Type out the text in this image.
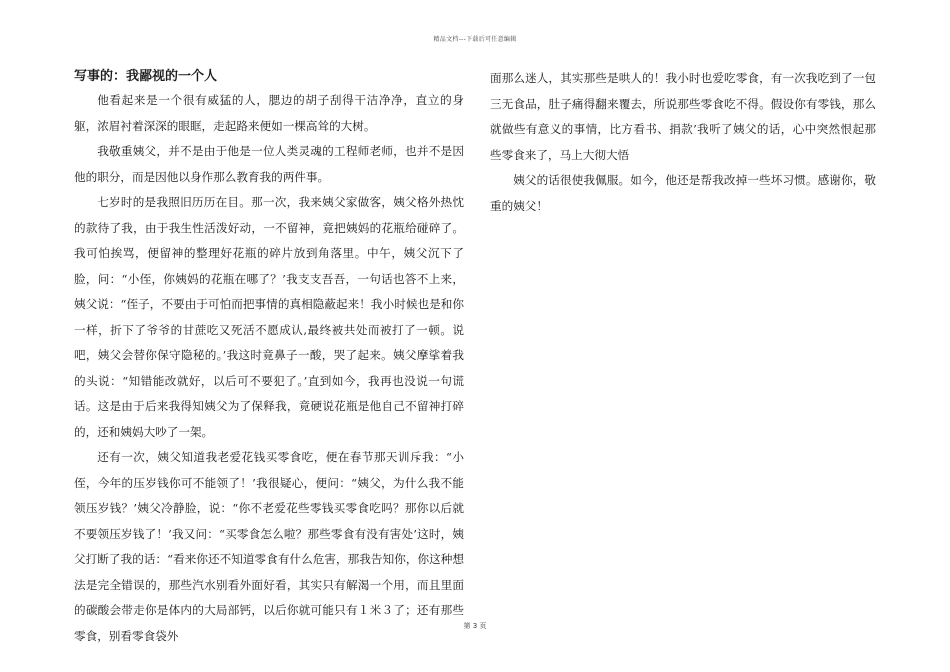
精品文档---下载后可任意编辑
写事的：我鄙视的一个人

他看起来是一个很有威猛的人，腮边的胡子刮得干洁净净，直立的身躯，浓眉衬着深深的眼眶，走起路来便如一棵高耸的大树。

我敬重姨父，并不是由于他是一位人类灵魂的工程师老师，也并不是因他的职分，而是因他以身作那么教育我的两件事。

七岁时的是我照旧历历在目。那一次，我来姨父家做客，姨父格外热忱的款待了我，由于我生性活泼好动，一不留神，竟把姨妈的花瓶给碰碎了。我可怕挨骂，便留神的整理好花瓶的碎片放到角落里。中午，姨父沉下了脸，问：“小侄，你姨妈的花瓶在哪了？’我支支吾吾，一句话也答不上来，姨父说：“侄子，不要由于可怕而把事情的真相隐蔽起来！我小时候也是和你一样，折下了爷爷的甘蔗吃又死活不愿成认,最终被共处而被打了一顿。说吧，姨父会替你保守隐秘的。’我这时竟鼻子一酸，哭了起来。姨父摩挲着我的头说：“知错能改就好，以后可不要犯了。’直到如今，我再也没说一句谎话。这是由于后来我得知姨父为了保释我，竟硬说花瓶是他自己不留神打碎的，还和姨妈大吵了一架。

还有一次，姨父知道我老爱花钱买零食吃，便在春节那天训斥我：“小侄，今年的压岁钱你可不能领了！’我很疑心，便问：“姨父，为什么我不能领压岁钱？’姨父冷静脸，说：“你不老爱花些零钱买零食吃吗？那你以后就不要领压岁钱了！’我又问：“买零食怎么啦？那些零食有没有害处’这时，姨父打断了我的话：“看来你还不知道零食有什么危害，那我告知你，你这种想法是完全错误的，那些汽水别看外面好看，其实只有解渴一个用，而且里面的碳酸会带走你是体内的大局部钙，以后你就可能只有１米３了；还有那些零食，别看零食袋外

面那么迷人，其实那些是哄人的！我小时也爱吃零食，有一次我吃到了一包三无食品，肚子痛得翻来覆去，所说那些零食吃不得。假设你有零钱，那么就做些有意义的事情，比方看书、捐款’我听了姨父的话，心中突然恨起那些零食来了，马上大彻大悟

姨父的话很使我佩服。如今，他还是帮我改掉一些坏习惯。感谢你，敬重的姨父！

第 3 页
